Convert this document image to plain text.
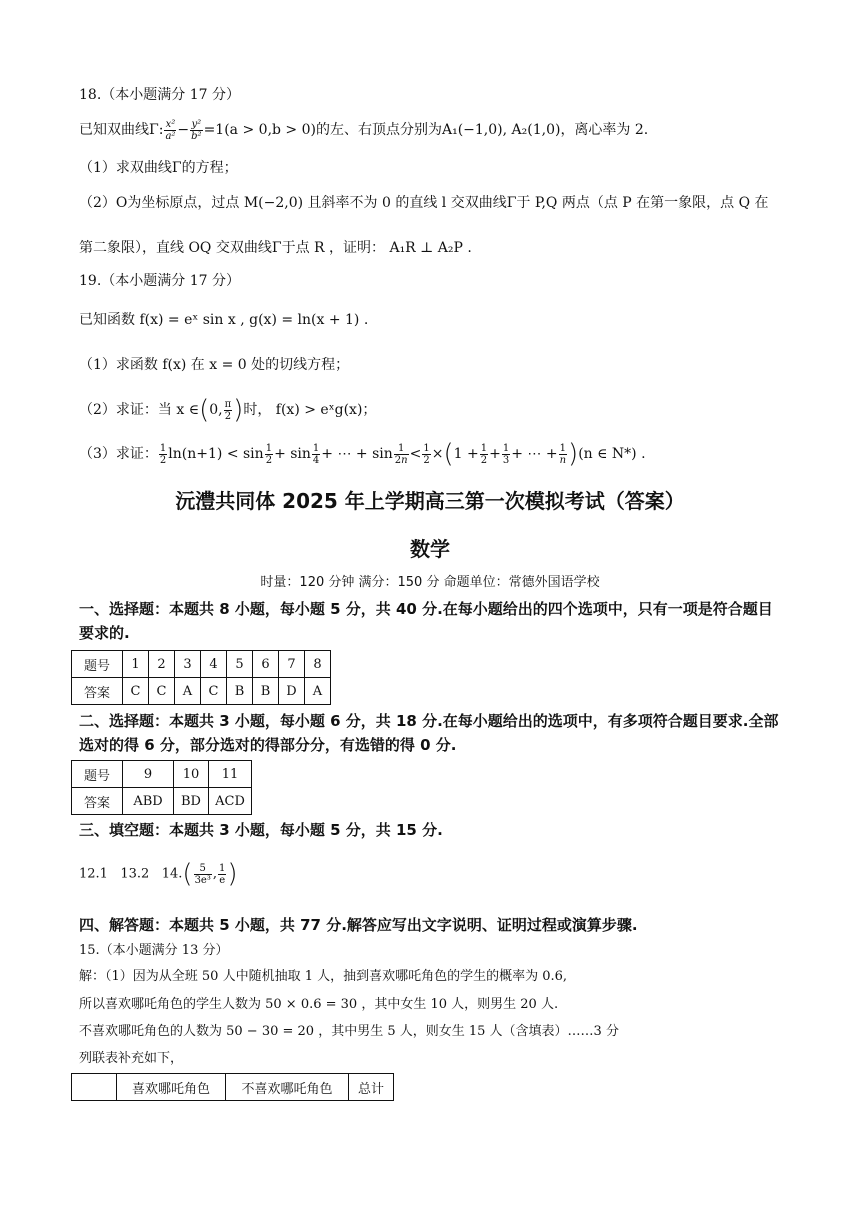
18.（本小题满分 17 分）
已知双曲线Γ: $\frac{\text{x²}}{\text{a²}} - \frac{\text{y²}}{\text{b²}} =1(a > 0,b > 0)$的左、右顶点分别为A₁(−1,0), A₂(1,0)，离心率为 2.
（1）求双曲线Γ的方程；
（2）O为坐标原点，过点 M(−2,0) 且斜率不为 0 的直线 l 交双曲线Γ于 P,Q 两点（点 P 在第一象限，点 Q 在
第二象限），直线 OQ 交双曲线Γ于点 R ，证明： A₁R ⊥ A₂P .
19.（本小题满分 17 分）
已知函数 f(x) = eˣ sin x , g(x) = ln(x + 1) .
（1）求函数 f(x) 在 x = 0 处的切线方程；
（2）求证：当 x ∈(0, $\frac{\pi}{2}$ )时， f(x) > eˣg(x)；
（3）求证： $\frac{1}{2} \ln(n+1) < \sin \frac{1}{2} + \sin \frac{1}{4}$ + ⋯ + $\sin \frac{1}{2n} < \frac{1}{2} \times(1 + \frac{1}{2} + \frac{1}{3}$ + ⋯ + $\frac{1}{n} )(n$ ∈ N*) .
沅澧共同体 2025 年上学期高三第一次模拟考试（答案）
数学
时量：120 分钟 满分：150 分 命题单位：常德外国语学校
一、选择题：本题共 8 小题，每小题 5 分，共 40 分.在每小题给出的四个选项中，只有一项是符合题目要求的.
题号	1	2	3	4	5	6	7	8
答案	C	C	A	C	B	B	D	A
二、选择题：本题共 3 小题，每小题 6 分，共 18 分.在每小题给出的选项中，有多项符合题目要求.全部选对的得 6 分，部分选对的得部分分，有选错的得 0 分.
题号	9	10	11
答案	ABD	BD	ACD
三、填空题：本题共 3 小题，每小题 5 分，共 15 分.
12.1 13.2 $14.( \frac{5}{\text{3e³}}$ , $\frac{1}{e}$ )
四、解答题：本题共 5 小题，共 77 分.解答应写出文字说明、证明过程或演算步骤.
15.（本小题满分 13 分）
解：（1）因为从全班 50 人中随机抽取 1 人，抽到喜欢哪吒角色的学生的概率为 0.6,
所以喜欢哪吒角色的学生人数为 50 × 0.6 = 30 ，其中女生 10 人，则男生 20 人.
不喜欢哪吒角色的人数为 50 − 30 = 20 ，其中男生 5 人，则女生 15 人（含填表）……3 分
列联表补充如下，
	喜欢哪吒角色	不喜欢哪吒角色	总计
